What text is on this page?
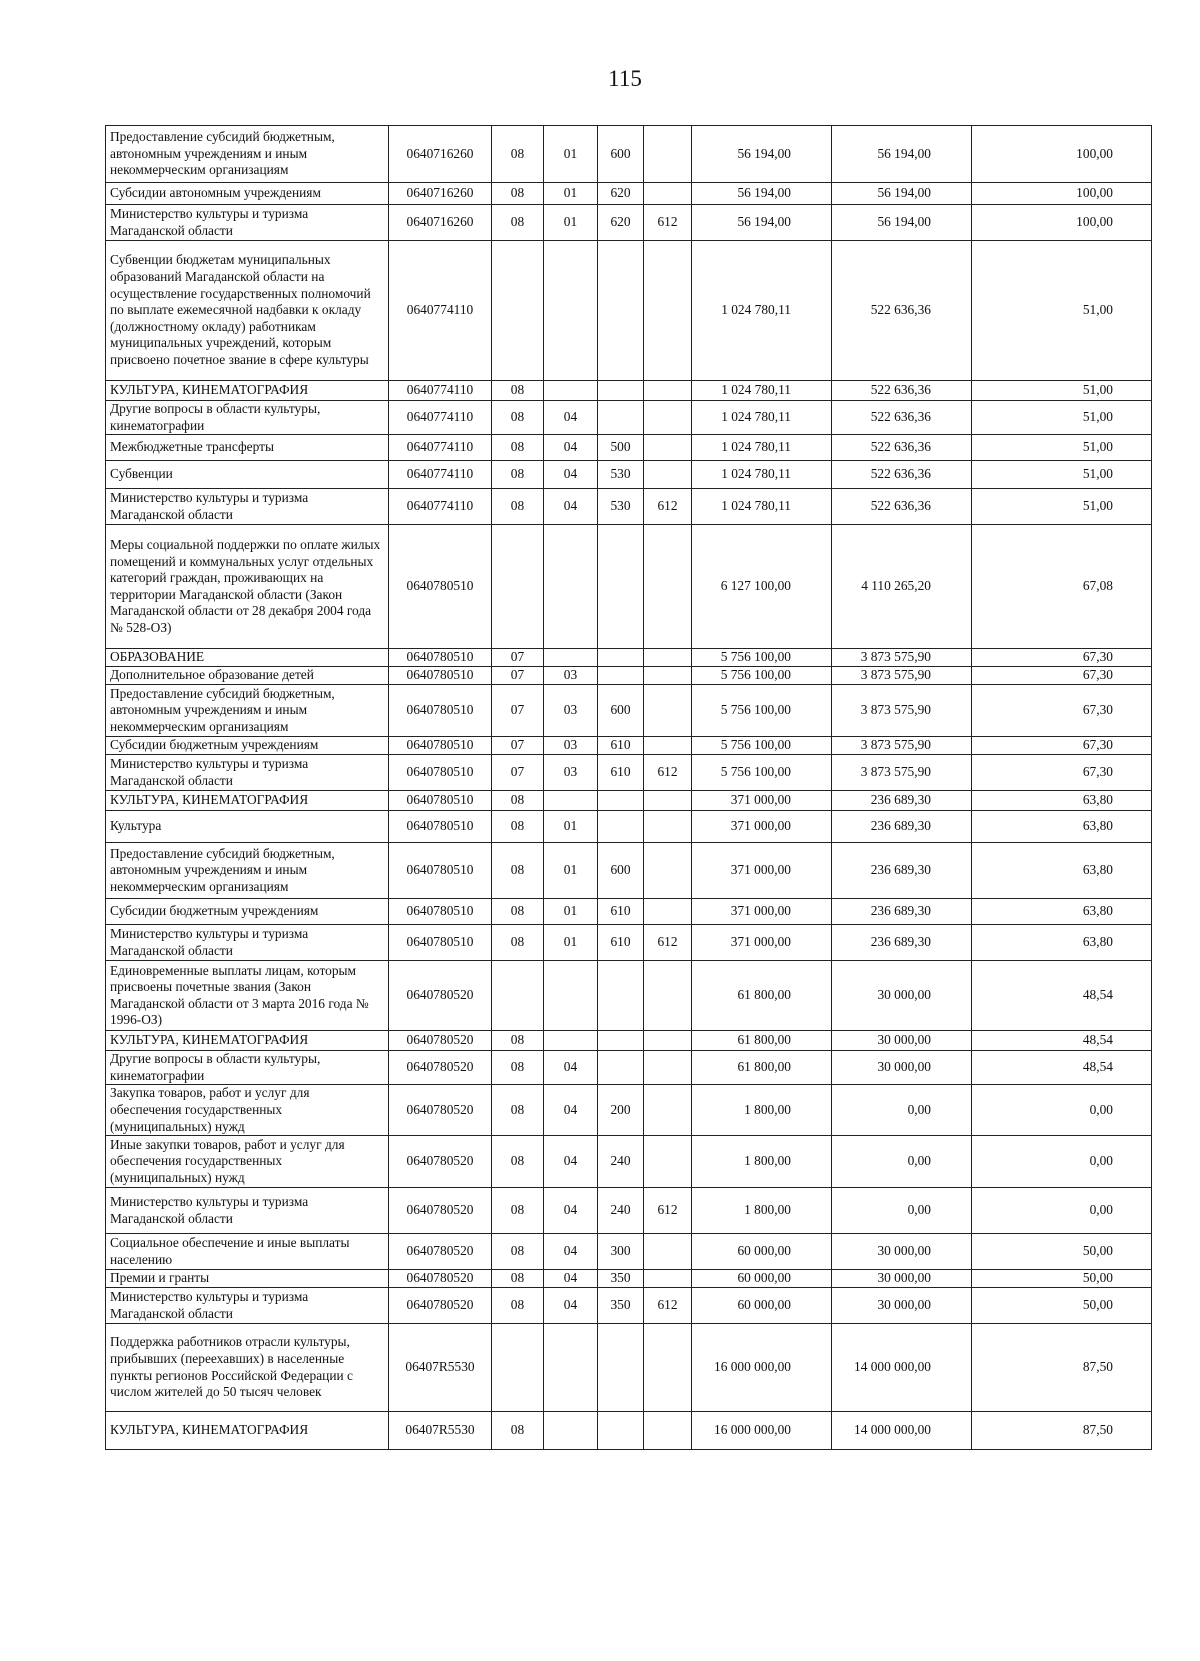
115
Предоставление субсидий бюджетным, автономным учреждениям и иным некоммерческим организациям	0640716260	08	01	600		56 194,00	56 194,00	100,00
Субсидии автономным учреждениям	0640716260	08	01	620		56 194,00	56 194,00	100,00
Министерство культуры и туризма Магаданской области	0640716260	08	01	620	612	56 194,00	56 194,00	100,00
Субвенции бюджетам муниципальных образований Магаданской области на осуществление государственных полномочий по выплате ежемесячной надбавки к окладу (должностному окладу) работникам муниципальных учреждений, которым присвоено почетное звание в сфере культуры	0640774110					1 024 780,11	522 636,36	51,00
КУЛЬТУРА, КИНЕМАТОГРАФИЯ	0640774110	08				1 024 780,11	522 636,36	51,00
Другие вопросы в области культуры, кинематографии	0640774110	08	04			1 024 780,11	522 636,36	51,00
Межбюджетные трансферты	0640774110	08	04	500		1 024 780,11	522 636,36	51,00
Субвенции	0640774110	08	04	530		1 024 780,11	522 636,36	51,00
Министерство культуры и туризма Магаданской области	0640774110	08	04	530	612	1 024 780,11	522 636,36	51,00
Меры социальной поддержки по оплате жилых помещений и коммунальных услуг отдельных категорий граждан, проживающих на территории Магаданской области (Закон Магаданской области от 28 декабря 2004 года № 528-ОЗ)	0640780510					6 127 100,00	4 110 265,20	67,08
ОБРАЗОВАНИЕ	0640780510	07				5 756 100,00	3 873 575,90	67,30
Дополнительное образование детей	0640780510	07	03			5 756 100,00	3 873 575,90	67,30
Предоставление субсидий бюджетным, автономным учреждениям и иным некоммерческим организациям	0640780510	07	03	600		5 756 100,00	3 873 575,90	67,30
Субсидии бюджетным учреждениям	0640780510	07	03	610		5 756 100,00	3 873 575,90	67,30
Министерство культуры и туризма Магаданской области	0640780510	07	03	610	612	5 756 100,00	3 873 575,90	67,30
КУЛЬТУРА, КИНЕМАТОГРАФИЯ	0640780510	08				371 000,00	236 689,30	63,80
Культура	0640780510	08	01			371 000,00	236 689,30	63,80
Предоставление субсидий бюджетным, автономным учреждениям и иным некоммерческим организациям	0640780510	08	01	600		371 000,00	236 689,30	63,80
Субсидии бюджетным учреждениям	0640780510	08	01	610		371 000,00	236 689,30	63,80
Министерство культуры и туризма Магаданской области	0640780510	08	01	610	612	371 000,00	236 689,30	63,80
Единовременные выплаты лицам, которым присвоены почетные звания (Закон Магаданской области от 3 марта 2016 года № 1996-ОЗ)	0640780520					61 800,00	30 000,00	48,54
КУЛЬТУРА, КИНЕМАТОГРАФИЯ	0640780520	08				61 800,00	30 000,00	48,54
Другие вопросы в области культуры, кинематографии	0640780520	08	04			61 800,00	30 000,00	48,54
Закупка товаров, работ и услуг для обеспечения государственных (муниципальных) нужд	0640780520	08	04	200		1 800,00	0,00	0,00
Иные закупки товаров, работ и услуг для обеспечения государственных (муниципальных) нужд	0640780520	08	04	240		1 800,00	0,00	0,00
Министерство культуры и туризма Магаданской области	0640780520	08	04	240	612	1 800,00	0,00	0,00
Социальное обеспечение и иные выплаты населению	0640780520	08	04	300		60 000,00	30 000,00	50,00
Премии и гранты	0640780520	08	04	350		60 000,00	30 000,00	50,00
Министерство культуры и туризма Магаданской области	0640780520	08	04	350	612	60 000,00	30 000,00	50,00
Поддержка работников отрасли культуры, прибывших (переехавших) в населенные пункты регионов Российской Федерации с числом жителей до 50 тысяч человек	06407R5530					16 000 000,00	14 000 000,00	87,50
КУЛЬТУРА, КИНЕМАТОГРАФИЯ	06407R5530	08				16 000 000,00	14 000 000,00	87,50
